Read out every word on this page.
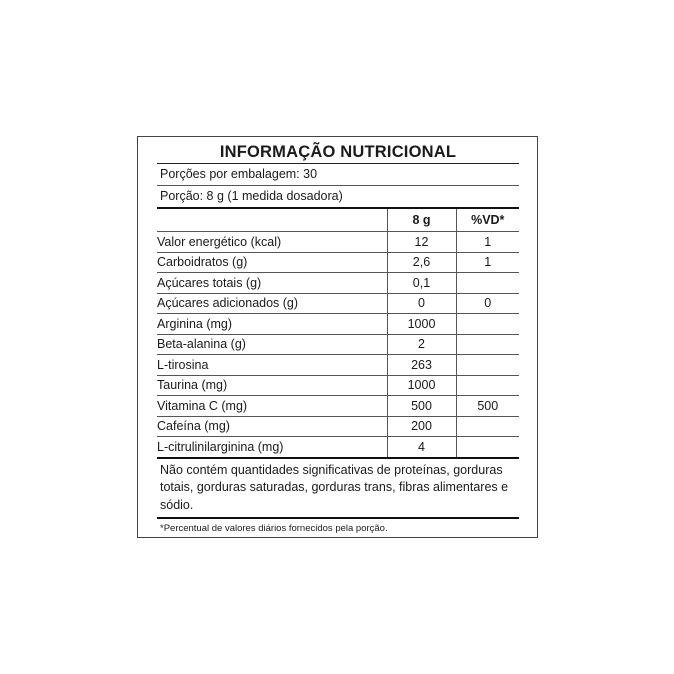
INFORMAÇÃO NUTRICIONAL
Porções por embalagem: 30
Porção: 8 g (1 medida dosadora)
	8 g	%VD*
Valor energético (kcal)	12	1
Carboidratos (g)	2,6	1
Açúcares totais (g)	0,1	
Açúcares adicionados (g)	0	0
Arginina (mg)	1000	
Beta-alanina (g)	2	
L-tirosina	263	
Taurina (mg)	1000	
Vitamina C (mg)	500	500
Cafeína (mg)	200	
L-citrulinilarginina (mg)	4	
Não contém quantidades significativas de proteínas, gorduras totais, gorduras saturadas, gorduras trans, fibras alimentares e sódio.
*Percentual de valores diários fornecidos pela porção.
